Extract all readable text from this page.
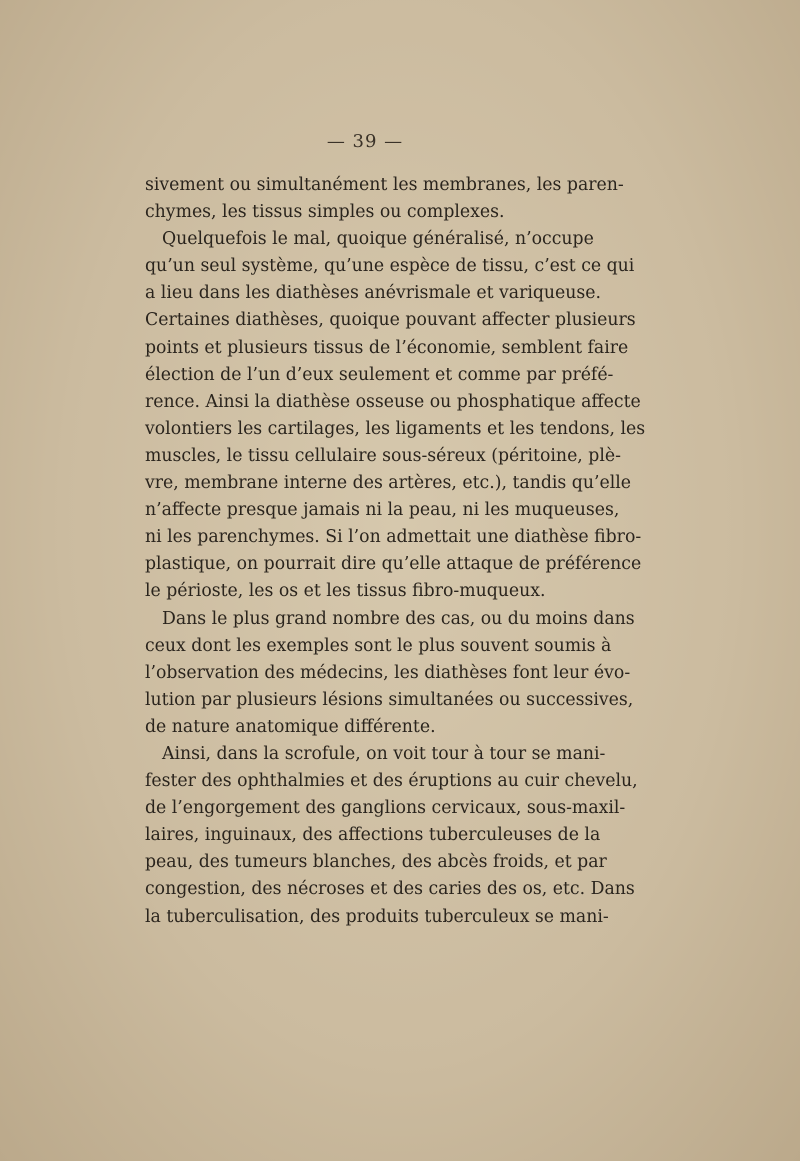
— 39 —
sivement ou simultanément les membranes, les paren-
chymes, les tissus simples ou complexes.
Quelquefois le mal, quoique généralisé, n’occupe
qu’un seul système, qu’une espèce de tissu, c’est ce qui
a lieu dans les diathèses anévrismale et variqueuse.
Certaines diathèses, quoique pouvant affecter plusieurs
points et plusieurs tissus de l’économie, semblent faire
élection de l’un d’eux seulement et comme par préfé-
rence. Ainsi la diathèse osseuse ou phosphatique affecte
volontiers les cartilages, les ligaments et les tendons, les
muscles, le tissu cellulaire sous-séreux (péritoine, plè-
vre, membrane interne des artères, etc.), tandis qu’elle
n’affecte presque jamais ni la peau, ni les muqueuses,
ni les parenchymes. Si l’on admettait une diathèse fibro-
plastique, on pourrait dire qu’elle attaque de préférence
le périoste, les os et les tissus fibro-muqueux.
Dans le plus grand nombre des cas, ou du moins dans
ceux dont les exemples sont le plus souvent soumis à
l’observation des médecins, les diathèses font leur évo-
lution par plusieurs lésions simultanées ou successives,
de nature anatomique différente.
Ainsi, dans la scrofule, on voit tour à tour se mani-
fester des ophthalmies et des éruptions au cuir chevelu,
de l’engorgement des ganglions cervicaux, sous-maxil-
laires, inguinaux, des affections tuberculeuses de la
peau, des tumeurs blanches, des abcès froids, et par
congestion, des nécroses et des caries des os, etc. Dans
la tuberculisation, des produits tuberculeux se mani-
